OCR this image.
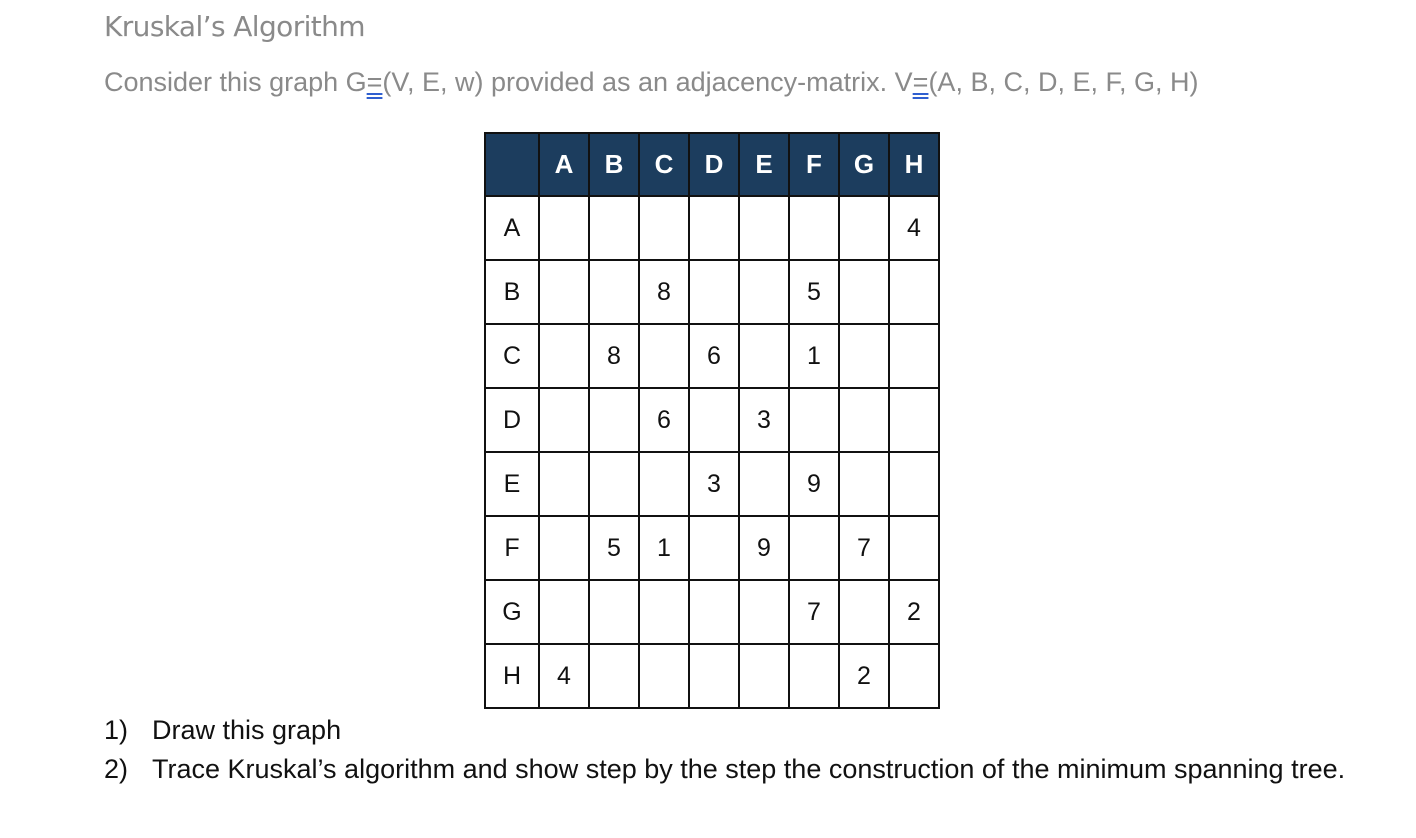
Kruskal’s Algorithm
Consider this graph G=(V, E, w) provided as an adjacency-matrix. V=(A, B, C, D, E, F, G, H)
	A	B	C	D	E	F	G	H
A								4
B			8			5		
C		8		6		1		
D			6		3			
E				3		9		
F		5	1		9		7	
G						7		2
H	4						2	
1) Draw this graph
2) Trace Kruskal’s algorithm and show step by the step the construction of the minimum spanning tree.
